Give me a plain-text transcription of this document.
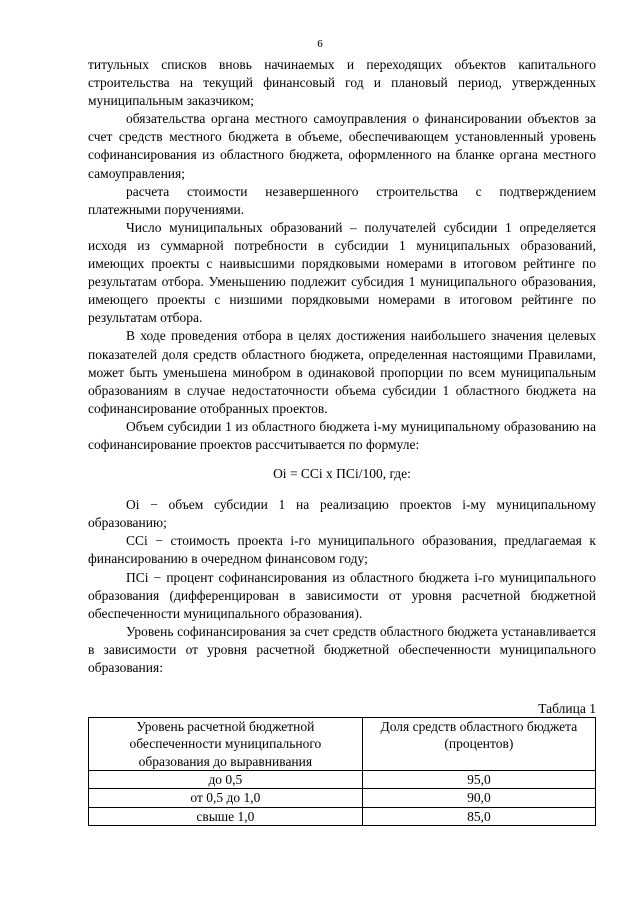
6

титульных списков вновь начинаемых и переходящих объектов капитального строительства на текущий финансовый год и плановый период, утвержденных муниципальным заказчиком;

обязательства органа местного самоуправления о финансировании объектов за счет средств местного бюджета в объеме, обеспечивающем установленный уровень софинансирования из областного бюджета, оформленного на бланке органа местного самоуправления;

расчета стоимости незавершенного строительства с подтверждением платежными поручениями.

Число муниципальных образований – получателей субсидии 1 определяется исходя из суммарной потребности в субсидии 1 муниципальных образований, имеющих проекты с наивысшими порядковыми номерами в итоговом рейтинге по результатам отбора. Уменьшению подлежит субсидия 1 муниципального образования, имеющего проекты с низшими порядковыми номерами в итоговом рейтинге по результатам отбора.

В ходе проведения отбора в целях достижения наибольшего значения целевых показателей доля средств областного бюджета, определенная настоящими Правилами, может быть уменьшена минобром в одинаковой пропорции по всем муниципальным образованиям в случае недостаточности объема субсидии 1 областного бюджета на софинансирование отобранных проектов.

Объем субсидии 1 из областного бюджета i-му муниципальному образованию на софинансирование проектов рассчитывается по формуле:

Оi = ССi х ПСi/100, где:

Оi − объем субсидии 1 на реализацию проектов i-му муниципальному образованию;

ССi − стоимость проекта i-го муниципального образования, предлагаемая к финансированию в очередном финансовом году;

ПСi − процент софинансирования из областного бюджета i-го муниципального образования (дифференцирован в зависимости от уровня расчетной бюджетной обеспеченности муниципального образования).

Уровень софинансирования за счет средств областного бюджета устанавливается в зависимости от уровня расчетной бюджетной обеспеченности муниципального образования:

Таблица 1
Уровень расчетной бюджетной обеспеченности муниципального образования до выравнивания	Доля средств областного бюджета (процентов)
до 0,5	95,0
от 0,5 до 1,0	90,0
свыше 1,0	85,0
